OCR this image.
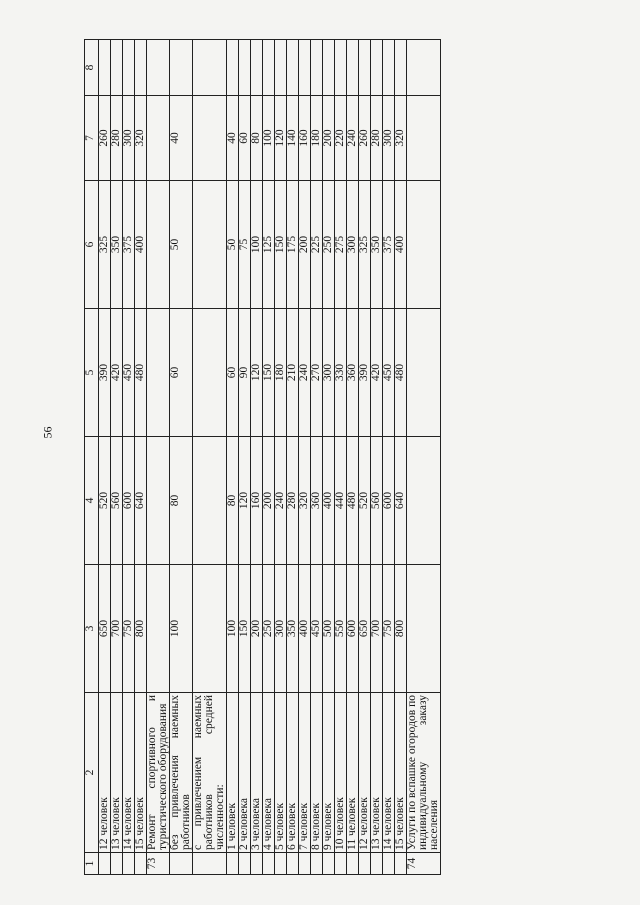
56
1	2	3	4	5	6	7	8
	12 человек	650	520	390	325	260	
	13 человек	700	560	420	350	280	
	14 человек	750	600	450	375	300	
	15 человек	800	640	480	400	320	
73	Ремонт спортивного и туристического оборудования						
	без привлечения наемных работников	100	80	60	50	40	
	с привлечением наемных работников средней численности:						
	1 человек	100	80	60	50	40	
	2 человека	150	120	90	75	60	
	3 человека	200	160	120	100	80	
	4 человека	250	200	150	125	100	
	5 человек	300	240	180	150	120	
	6 человек	350	280	210	175	140	
	7 человек	400	320	240	200	160	
	8 человек	450	360	270	225	180	
	9 человек	500	400	300	250	200	
	10 человек	550	440	330	275	220	
	11 человек	600	480	360	300	240	
	12 человек	650	520	390	325	260	
	13 человек	700	560	420	350	280	
	14 человек	750	600	450	375	300	
	15 человек	800	640	480	400	320	
74	Услуги по вспашке огородов по индивидуальному заказу населения						
